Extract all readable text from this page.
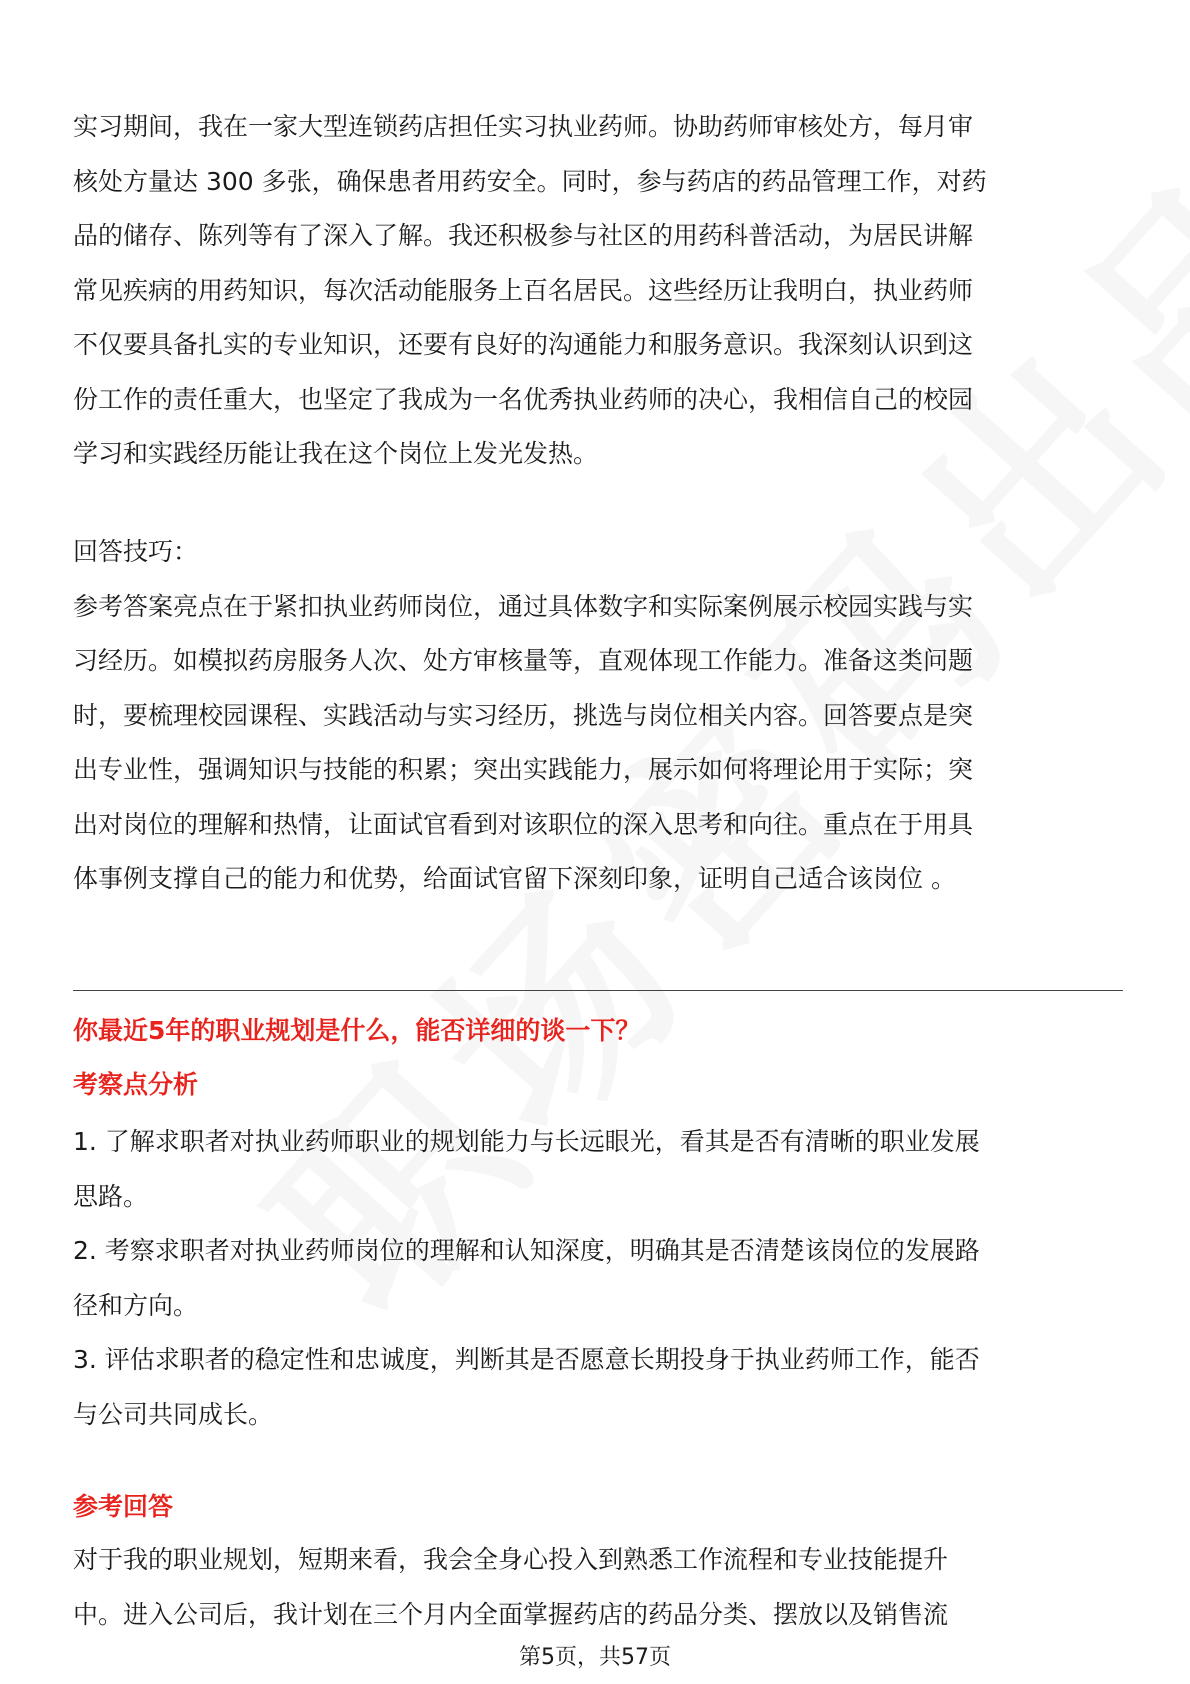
实习期间，我在一家大型连锁药店担任实习执业药师。协助药师审核处方，每月审

核处方量达 300 多张，确保患者用药安全。同时，参与药店的药品管理工作，对药

品的储存、陈列等有了深入了解。我还积极参与社区的用药科普活动，为居民讲解

常见疾病的用药知识，每次活动能服务上百名居民。这些经历让我明白，执业药师

不仅要具备扎实的专业知识，还要有良好的沟通能力和服务意识。我深刻认识到这

份工作的责任重大，也坚定了我成为一名优秀执业药师的决心，我相信自己的校园

学习和实践经历能让我在这个岗位上发光发热。

回答技巧：

参考答案亮点在于紧扣执业药师岗位，通过具体数字和实际案例展示校园实践与实

习经历。如模拟药房服务人次、处方审核量等，直观体现工作能力。准备这类问题

时，要梳理校园课程、实践活动与实习经历，挑选与岗位相关内容。回答要点是突

出专业性，强调知识与技能的积累；突出实践能力，展示如何将理论用于实际；突

出对岗位的理解和热情，让面试官看到对该职位的深入思考和向往。重点在于用具

体事例支撑自己的能力和优势，给面试官留下深刻印象，证明自己适合该岗位 。

你最近5年的职业规划是什么，能否详细的谈一下？

考察点分析

1. 了解求职者对执业药师职业的规划能力与长远眼光，看其是否有清晰的职业发展

思路。

2. 考察求职者对执业药师岗位的理解和认知深度，明确其是否清楚该岗位的发展路

径和方向。

3. 评估求职者的稳定性和忠诚度，判断其是否愿意长期投身于执业药师工作，能否

与公司共同成长。

参考回答

对于我的职业规划，短期来看，我会全身心投入到熟悉工作流程和专业技能提升

中。进入公司后，我计划在三个月内全面掌握药店的药品分类、摆放以及销售流

第5页，共57页
